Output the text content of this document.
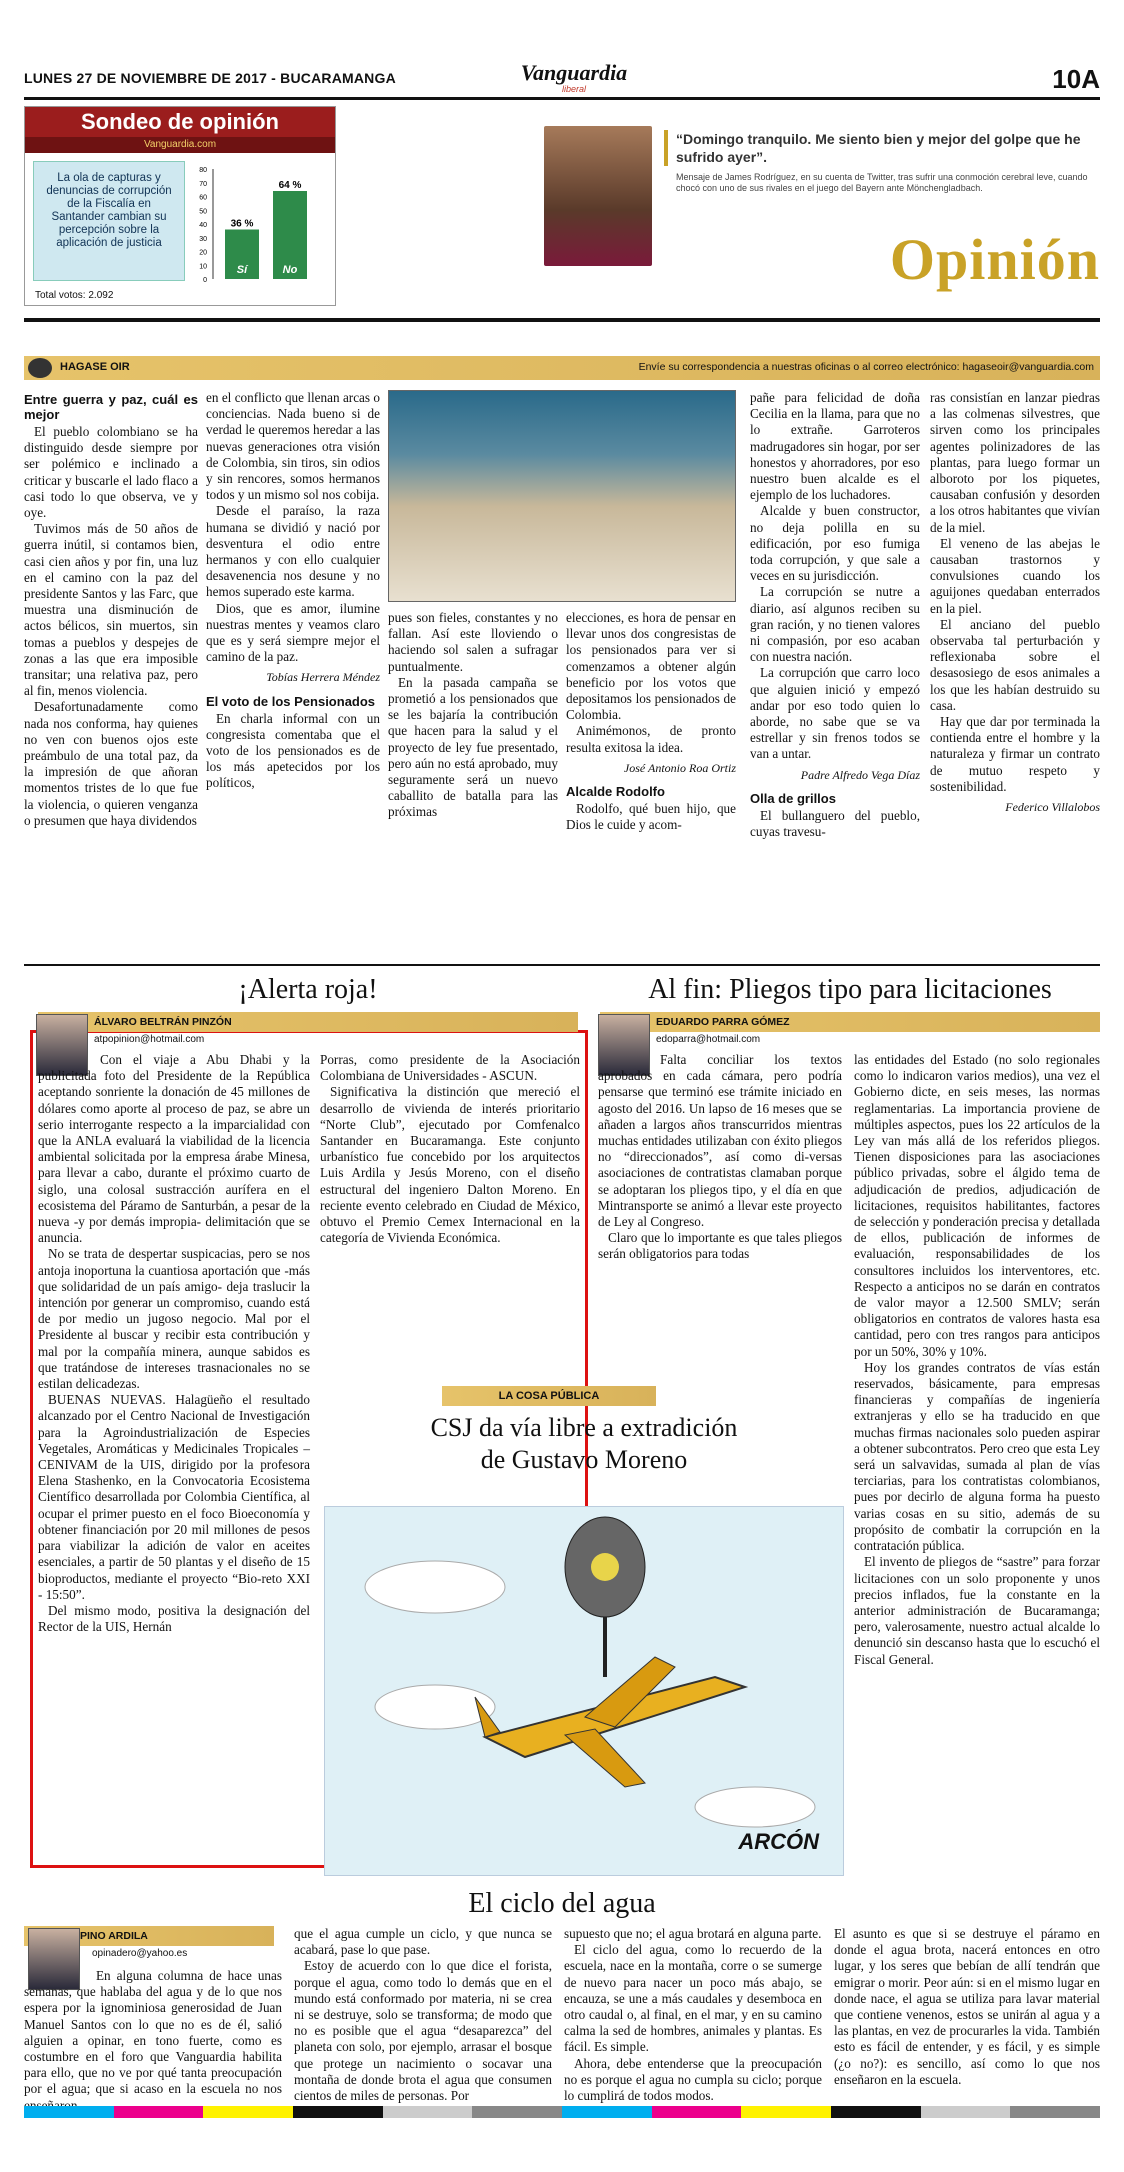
LUNES 27 DE NOVIEMBRE DE 2017 - BUCARAMANGA	Vanguardia
liberal	10A
Sondeo de opinión
Vanguardia.com
La ola de capturas y denuncias de corrupción de la Fiscalía en Santander cambian su percepción sobre la aplicación de justicia
80
70
60
50
40
30
20
10
0
36 %
Sí
64 %
No
Total votos: 2.092
“Domingo tranquilo. Me siento bien y mejor del golpe que he sufrido ayer”.
Mensaje de James Rodríguez, en su cuenta de Twitter, tras sufrir una conmoción cerebral leve, cuando chocó con uno de sus rivales en el juego del Bayern ante Mönchengladbach.
Opinión
HAGASE OIR	Envíe su correspondencia a nuestras oficinas o al correo electrónico: hagaseoir@vanguardia.com
Entre guerra y paz, cuál es mejor

El pueblo colombiano se ha distinguido desde siempre por ser polémico e inclinado a criticar y buscarle el lado flaco a casi todo lo que observa, ve y oye.

Tuvimos más de 50 años de guerra inútil, si contamos bien, casi cien años y por fin, una luz en el camino con la paz del presidente Santos y las Farc, que muestra una disminución de actos bélicos, sin muertos, sin tomas a pueblos y despejes de zonas a las que era imposible transitar; una relativa paz, pero al fin, menos violencia.

Desafortunadamente como nada nos conforma, hay quienes no ven con buenos ojos este preámbulo de una total paz, da la impresión de que añoran momentos tristes de lo que fue la violencia, o quieren venganza o presumen que haya dividendos

en el conflicto que llenan arcas o conciencias. Nada bueno si de verdad le queremos heredar a las nuevas generaciones otra visión de Colombia, sin tiros, sin odios y sin rencores, somos hermanos todos y un mismo sol nos cobija.

Desde el paraíso, la raza humana se dividió y nació por desventura el odio entre hermanos y con ello cualquier desavenencia nos desune y no hemos superado este karma.

Dios, que es amor, ilumine nuestras mentes y veamos claro que es y será siempre mejor el camino de la paz.

Tobías Herrera Méndez
El voto de los Pensionados

En charla informal con un congresista comentaba que el voto de los pensionados es de los más apetecidos por los políticos,

pues son fieles, constantes y no fallan. Así este lloviendo o haciendo sol salen a sufragar puntualmente.

En la pasada campaña se prometió a los pensionados que se les bajaría la contribución que hacen para la salud y el proyecto de ley fue presentado, pero aún no está aprobado, muy seguramente será un nuevo caballito de batalla para las próximas

elecciones, es hora de pensar en llevar unos dos congresistas de los pensionados para ver si comenzamos a obtener algún beneficio por los votos que depositamos los pensionados de Colombia.

Animémonos, de pronto resulta exitosa la idea.

José Antonio Roa Ortiz
Alcalde Rodolfo

Rodolfo, qué buen hijo, que Dios le cuide y acom-

pañe para felicidad de doña Cecilia en la llama, para que no lo extrañe. Garroteros madrugadores sin hogar, por ser honestos y ahorradores, por eso nuestro buen alcalde es el ejemplo de los luchadores.

Alcalde y buen constructor, no deja polilla en su edificación, por eso fumiga toda corrupción, y que sale a veces en su jurisdicción.

La corrupción se nutre a diario, así algunos reciben su gran ración, y no tienen valores ni compasión, por eso acaban con nuestra nación.

La corrupción que carro loco que alguien inició y empezó andar por eso todo quien lo aborde, no sabe que se va estrellar y sin frenos todos se van a untar.

Padre Alfredo Vega Díaz
Olla de grillos

El bullanguero del pueblo, cuyas travesu-

ras consistían en lanzar piedras a las colmenas silvestres, que sirven como los principales agentes polinizadores de las plantas, para luego formar un alboroto por los piquetes, causaban confusión y desorden a los otros habitantes que vivían de la miel.

El veneno de las abejas le causaban trastornos y convulsiones cuando los aguijones quedaban enterrados en la piel.

El anciano del pueblo observaba tal perturbación y reflexionaba sobre el desasosiego de esos animales a los que les habían destruido su casa.

Hay que dar por terminada la contienda entre el hombre y la naturaleza y firmar un contrato de mutuo respeto y sostenibilidad.

Federico Villalobos
¡Alerta roja!
ÁLVARO BELTRÁN PINZÓN
atpopinion@hotmail.com

Con el viaje a Abu Dhabi y la publicitada foto del Presidente de la República aceptando sonriente la donación de 45 millones de dólares como aporte al proceso de paz, se abre un serio interrogante respecto a la imparcialidad con que la ANLA evaluará la viabilidad de la licencia ambiental solicitada por la empresa árabe Minesa, para llevar a cabo, durante el próximo cuarto de siglo, una colosal sustracción aurífera en el ecosistema del Páramo de Santurbán, a pesar de la nueva -y por demás impropia- delimitación que se anuncia.

No se trata de despertar suspicacias, pero se nos antoja inoportuna la cuantiosa aportación que -más que solidaridad de un país amigo- deja traslucir la intención por generar un compromiso, cuando está de por medio un jugoso negocio. Mal por el Presidente al buscar y recibir esta contribución y mal por la compañía minera, aunque sabidos es que tratándose de intereses trasnacionales no se estilan delicadezas.

BUENAS NUEVAS. Halagüeño el resultado alcanzado por el Centro Nacional de Investigación para la Agroindustrialización de Especies Vegetales, Aromáticas y Medicinales Tropicales – CENIVAM de la UIS, dirigido por la profesora Elena Stashenko, en la Convocatoria Ecosistema Científico desarrollada por Colombia Científica, al ocupar el primer puesto en el foco Bioeconomía y obtener financiación por 20 mil millones de pesos para viabilizar la adición de valor en aceites esenciales, a partir de 50 plantas y el diseño de 15 bioproductos, mediante el proyecto “Bio-reto XXI - 15:50”.

Del mismo modo, positiva la designación del Rector de la UIS, Hernán

Porras, como presidente de la Asociación Colombiana de Universidades - ASCUN.

Significativa la distinción que mereció el desarrollo de vivienda de interés prioritario “Norte Club”, ejecutado por Comfenalco Santander en Bucaramanga. Este conjunto urbanístico fue concebido por los arquitectos Luis Ardila y Jesús Moreno, con el diseño estructural del ingeniero Dalton Moreno. En reciente evento celebrado en Ciudad de México, obtuvo el Premio Cemex Internacional en la categoría de Vivienda Económica.

Al fin: Pliegos tipo para licitaciones
EDUARDO PARRA GÓMEZ
edoparra@hotmail.com

Falta conciliar los textos aprobados en cada cámara, pero podría pensarse que terminó ese trámite iniciado en agosto del 2016. Un lapso de 16 meses que se añaden a largos años transcurridos mientras muchas entidades utilizaban con éxito pliegos no “direccionados”, así como di-versas asociaciones de contratistas clamaban porque se adoptaran los pliegos tipo, y el día en que Mintransporte se animó a llevar este proyecto de Ley al Congreso.

Claro que lo importante es que tales pliegos serán obligatorios para todas

las entidades del Estado (no solo regionales como lo indicaron varios medios), una vez el Gobierno dicte, en seis meses, las normas reglamentarias. La importancia proviene de múltiples aspectos, pues los 22 artículos de la Ley van más allá de los referidos pliegos. Tienen disposiciones para las asociaciones público privadas, sobre el álgido tema de adjudicación de predios, adjudicación de licitaciones, requisitos habilitantes, factores de selección y ponderación precisa y detallada de ellos, publicación de informes de evaluación, responsabilidades de los consultores incluidos los interventores, etc. Respecto a anticipos no se darán en contratos de valor mayor a 12.500 SMLV; serán obligatorios en contratos de valores hasta esa cantidad, pero con tres rangos para anticipos por un 50%, 30% y 10%.

Hoy los grandes contratos de vías están reservados, básicamente, para empresas financieras y compañías de ingeniería extranjeras y ello se ha traducido en que muchas firmas nacionales solo pueden aspirar a obtener subcontratos. Pero creo que esta Ley será un salvavidas, sumada al plan de vías terciarias, para los contratistas colombianos, pues por decirlo de alguna forma ha puesto varias cosas en su sitio, además de su propósito de combatir la corrupción en la contratación pública.

El invento de pliegos de “sastre” para forzar licitaciones con un solo proponente y unos precios inflados, fue la constante en la anterior administración de Bucaramanga; pero, valerosamente, nuestro actual alcalde lo denunció sin descanso hasta que lo escuchó el Fiscal General.

LA COSA PÚBLICA
CSJ da vía libre a extradición
de Gustavo Moreno
ARCÓN
El ciclo del agua
PINO ARDILA
opinadero@yahoo.es

En alguna columna de hace unas semanas, que hablaba del agua y de lo que nos espera por la ignominiosa generosidad de Juan Manuel Santos con lo que no es de él, salió alguien a opinar, en tono fuerte, como es costumbre en el foro que Vanguardia habilita para ello, que no ve por qué tanta preocupación por el agua; que si acaso en la escuela no nos

que el agua cumple un ciclo, y que nunca se acabará, pase lo que pase.

Estoy de acuerdo con lo que dice el forista, porque el agua, como todo lo demás que en el mundo está conformado por materia, ni se crea ni se destruye, solo se transforma; de modo que no es posible que el agua “desaparezca” del planeta con solo, por ejemplo, arrasar el bosque que protege un nacimiento o socavar una montaña de donde brota el agua que consumen cientos de miles de personas. Por

supuesto que no; el agua brotará en alguna parte.

El ciclo del agua, como lo recuerdo de la escuela, nace en la montaña, corre o se sumerge de nuevo para nacer un poco más abajo, se encauza, se une a más caudales y desemboca en otro caudal o, al final, en el mar, y en su camino calma la sed de hombres, animales y plantas. Es fácil. Es simple.

Ahora, debe entenderse que la preocupación no es porque el agua no cumpla su ciclo; porque lo cumplirá de todos modos.

El asunto es que si se destruye el páramo en donde el agua brota, nacerá entonces en otro lugar, y los seres que bebían de allí tendrán que emigrar o morir. Peor aún: si en el mismo lugar en donde nace, el agua se utiliza para lavar material que contiene venenos, estos se unirán al agua y a las plantas, en vez de procurarles la vida. También esto es fácil de entender, y es fácil, y es simple (¿o no?): es sencillo, así como lo que nos enseñaron en la escuela.
